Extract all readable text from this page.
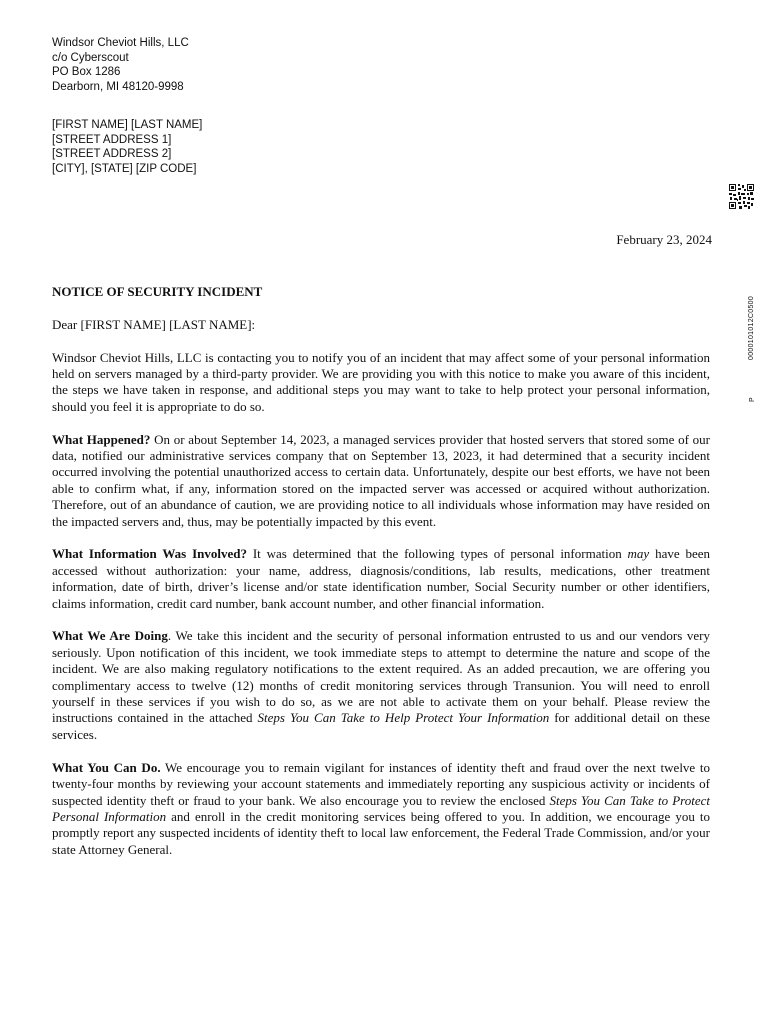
Windsor Cheviot Hills, LLC
c/o Cyberscout
PO Box 1286
Dearborn, MI 48120-9998
[FIRST NAME] [LAST NAME]
[STREET ADDRESS 1]
[STREET ADDRESS 2]
[CITY], [STATE] [ZIP CODE]
0000101012C0500
P
February 23, 2024

NOTICE OF SECURITY INCIDENT

Dear [FIRST NAME] [LAST NAME]:

Windsor Cheviot Hills, LLC is contacting you to notify you of an incident that may affect some of your personal information held on servers managed by a third-party provider. We are providing you with this notice to make you aware of this incident, the steps we have taken in response, and additional steps you may want to take to help protect your personal information, should you feel it is appropriate to do so.

What Happened? On or about September 14, 2023, a managed services provider that hosted servers that stored some of our data, notified our administrative services company that on September 13, 2023, it had determined that a security incident occurred involving the potential unauthorized access to certain data. Unfortunately, despite our best efforts, we have not been able to confirm what, if any, information stored on the impacted server was accessed or acquired without authorization. Therefore, out of an abundance of caution, we are providing notice to all individuals whose information may have resided on the impacted servers and, thus, may be potentially impacted by this event.

What Information Was Involved? It was determined that the following types of personal information may have been accessed without authorization: your name, address, diagnosis/conditions, lab results, medications, other treatment information, date of birth, driver’s license and/or state identification number, Social Security number or other identifiers, claims information, credit card number, bank account number, and other financial information.

What We Are Doing. We take this incident and the security of personal information entrusted to us and our vendors very seriously. Upon notification of this incident, we took immediate steps to attempt to determine the nature and scope of the incident. We are also making regulatory notifications to the extent required. As an added precaution, we are offering you complimentary access to twelve (12) months of credit monitoring services through Transunion. You will need to enroll yourself in these services if you wish to do so, as we are not able to activate them on your behalf. Please review the instructions contained in the attached Steps You Can Take to Help Protect Your Information for additional detail on these services.

What You Can Do. We encourage you to remain vigilant for instances of identity theft and fraud over the next twelve to twenty-four months by reviewing your account statements and immediately reporting any suspicious activity or incidents of suspected identity theft or fraud to your bank. We also encourage you to review the enclosed Steps You Can Take to Protect Personal Information and enroll in the credit monitoring services being offered to you. In addition, we encourage you to promptly report any suspected incidents of identity theft to local law enforcement, the Federal Trade Commission, and/or your state Attorney General.
